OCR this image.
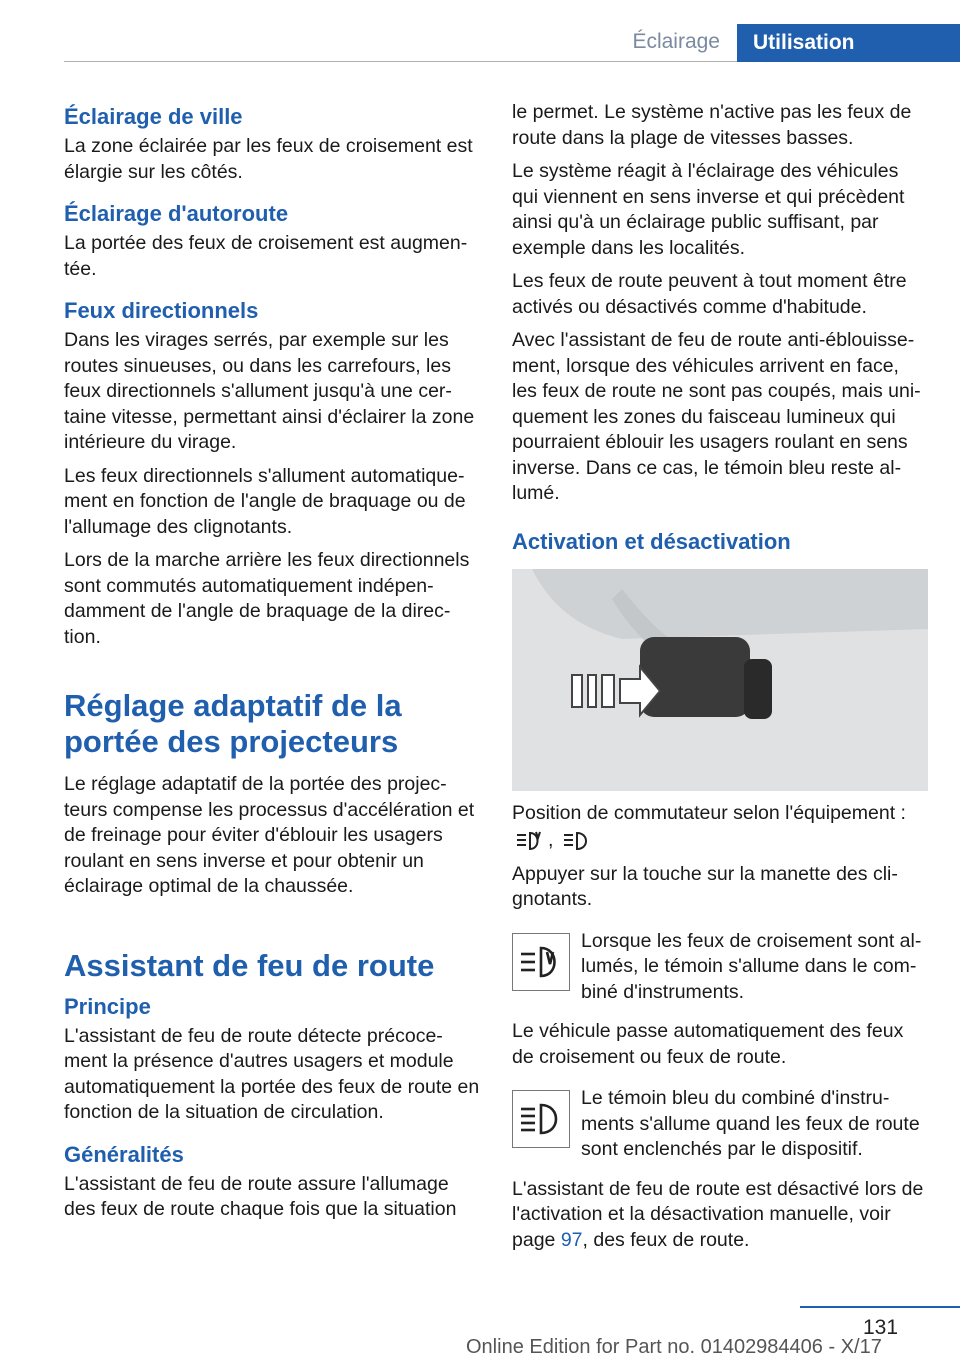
Éclairage	Utilisation
Éclairage de ville

La zone éclairée par les feux de croisement est élargie sur les côtés.

Éclairage d'autoroute

La portée des feux de croisement est augmen‐tée.

Feux directionnels

Dans les virages serrés, par exemple sur les routes sinueuses, ou dans les carrefours, les feux directionnels s'allument jusqu'à une cer‐taine vitesse, permettant ainsi d'éclairer la zone intérieure du virage.

Les feux directionnels s'allument automatique‐ment en fonction de l'angle de braquage ou de l'allumage des clignotants.

Lors de la marche arrière les feux directionnels sont commutés automatiquement indépen‐damment de l'angle de braquage de la direc‐tion.

Réglage adaptatif de la portée des projecteurs

Le réglage adaptatif de la portée des projec‐teurs compense les processus d'accélération et de freinage pour éviter d'éblouir les usagers roulant en sens inverse et pour obtenir un éclairage optimal de la chaussée.

Assistant de feu de route
Principe

L'assistant de feu de route détecte précoce‐ment la présence d'autres usagers et module automatiquement la portée des feux de route en fonction de la situation de circulation.

Généralités

L'assistant de feu de route assure l'allumage des feux de route chaque fois que la situation

le permet. Le système n'active pas les feux de route dans la plage de vitesses basses.

Le système réagit à l'éclairage des véhicules qui viennent en sens inverse et qui précèdent ainsi qu'à un éclairage public suffisant, par exemple dans les localités.

Les feux de route peuvent à tout moment être activés ou désactivés comme d'habitude.

Avec l'assistant de feu de route anti-éblouisse‐ment, lorsque des véhicules arrivent en face, les feux de route ne sont pas coupés, mais uni‐quement les zones du faisceau lumineux qui pourraient éblouir les usagers roulant en sens inverse. Dans ce cas, le témoin bleu reste al‐lumé.

Activation et désactivation

Position de commutateur selon l'équipement :

,

Appuyer sur la touche sur la manette des cli‐gnotants.

Lorsque les feux de croisement sont al‐lumés, le témoin s'allume dans le com‐biné d'instruments.

Le véhicule passe automatiquement des feux de croisement ou feux de route.

Le témoin bleu du combiné d'instru‐ments s'allume quand les feux de route sont enclenchés par le dispositif.

L'assistant de feu de route est désactivé lors de l'activation et la désactivation manuelle, voir page 97, des feux de route.

131
Online Edition for Part no. 01402984406 - X/17
